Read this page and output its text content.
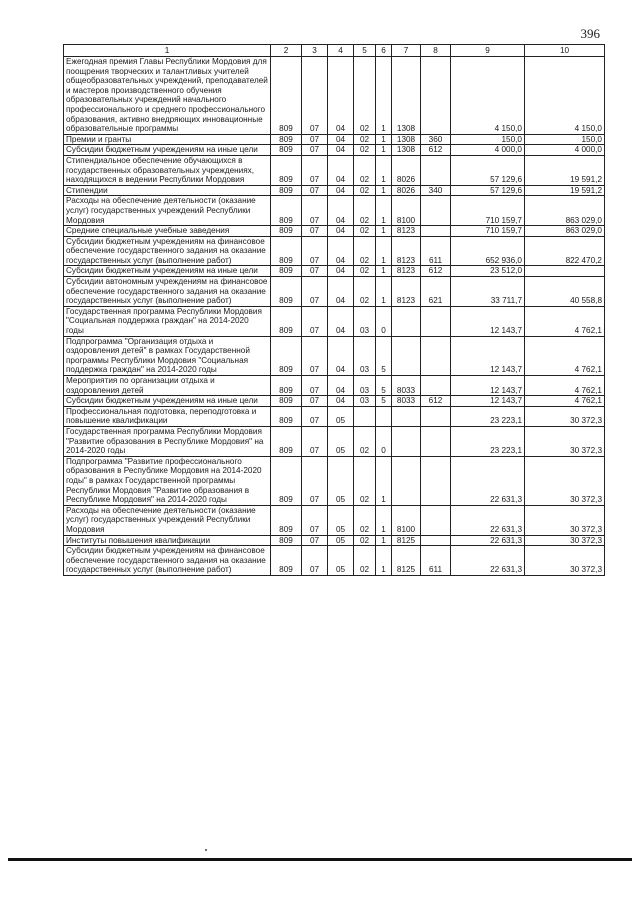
396
1	2	3	4	5	6	7	8	9	10
Ежегодная премия Главы Республики Мордовия для поощрения творческих и талантливых учителей общеобразовательных учреждений, преподавателей и мастеров производственного обучения образовательных учреждений начального профессионального и среднего профессионального образования, активно внедряющих инновационные образовательные программы	809	07	04	02	1	1308		4 150,0	4 150,0
Премии и гранты	809	07	04	02	1	1308	360	150,0	150,0
Субсидии бюджетным учреждениям на иные цели	809	07	04	02	1	1308	612	4 000,0	4 000,0
Стипендиальное обеспечение обучающихся в государственных образовательных учреждениях, находящихся в ведении Республики Мордовия	809	07	04	02	1	8026		57 129,6	19 591,2
Стипендии	809	07	04	02	1	8026	340	57 129,6	19 591,2
Расходы на обеспечение деятельности (оказание услуг) государственных учреждений Республики Мордовия	809	07	04	02	1	8100		710 159,7	863 029,0
Средние специальные учебные заведения	809	07	04	02	1	8123		710 159,7	863 029,0
Субсидии бюджетным учреждениям на финансовое обеспечение государственного задания на оказание государственных услуг (выполнение работ)	809	07	04	02	1	8123	611	652 936,0	822 470,2
Субсидии бюджетным учреждениям на иные цели	809	07	04	02	1	8123	612	23 512,0	
Субсидии автономным учреждениям на финансовое обеспечение государственного задания на оказание государственных услуг (выполнение работ)	809	07	04	02	1	8123	621	33 711,7	40 558,8
Государственная программа Республики Мордовия "Социальная поддержка граждан" на 2014-2020 годы	809	07	04	03	0			12 143,7	4 762,1
Подпрограмма "Организация отдыха и оздоровления детей" в рамках Государственной программы Республики Мордовия "Социальная поддержка граждан" на 2014-2020 годы	809	07	04	03	5			12 143,7	4 762,1
Мероприятия по организации отдыха и оздоровления детей	809	07	04	03	5	8033		12 143,7	4 762,1
Субсидии бюджетным учреждениям на иные цели	809	07	04	03	5	8033	612	12 143,7	4 762,1
Профессиональная подготовка, переподготовка и повышение квалификации	809	07	05					23 223,1	30 372,3
Государственная программа Республики Мордовия "Развитие образования в Республике Мордовия" на 2014-2020 годы	809	07	05	02	0			23 223,1	30 372,3
Подпрограмма "Развитие профессионального образования в Республике Мордовия на 2014-2020 годы" в рамках Государственной программы Республики Мордовия "Развитие образования в Республике Мордовия" на 2014-2020 годы	809	07	05	02	1			22 631,3	30 372,3
Расходы на обеспечение деятельности (оказание услуг) государственных учреждений Республики Мордовия	809	07	05	02	1	8100		22 631,3	30 372,3
Институты повышения квалификации	809	07	05	02	1	8125		22 631,3	30 372,3
Субсидии бюджетным учреждениям на финансовое обеспечение государственного задания на оказание государственных услуг (выполнение работ)	809	07	05	02	1	8125	611	22 631,3	30 372,3
